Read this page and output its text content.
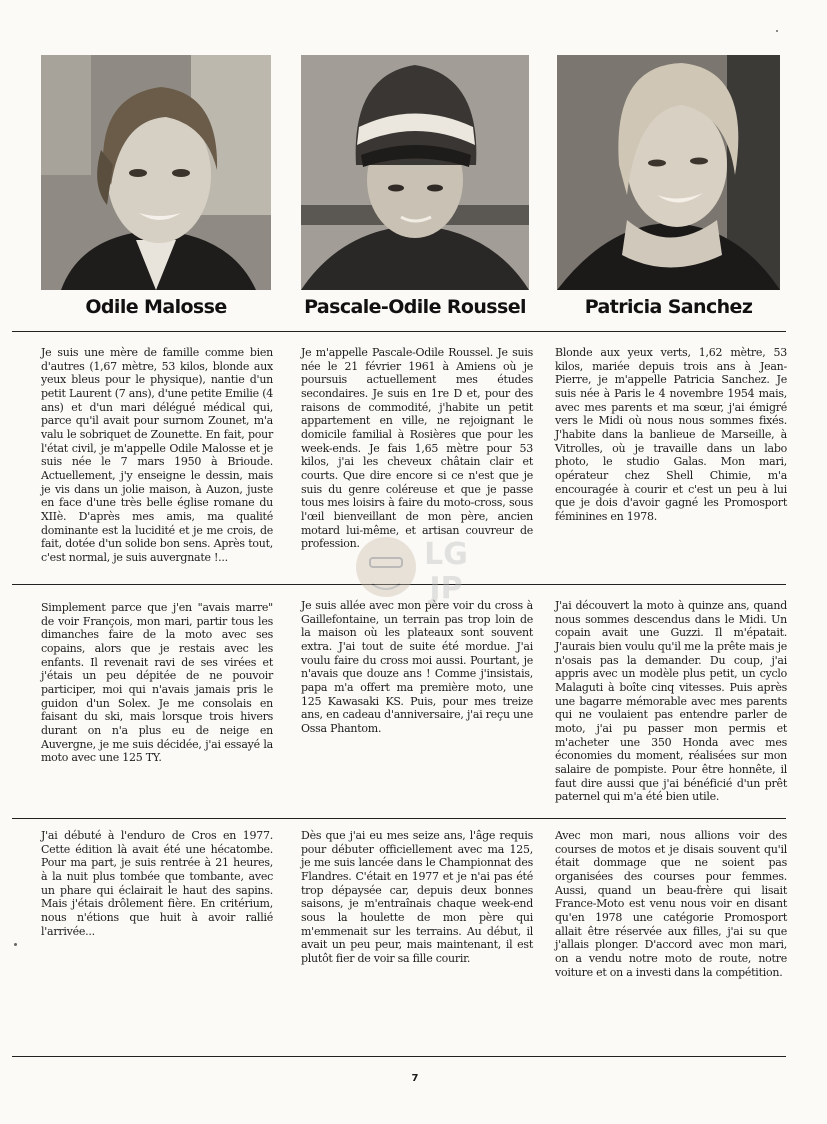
Odile Malosse	Pascale-Odile Roussel	Patricia Sanchez
Je suis une mère de famille comme bien d'autres (1,67 mètre, 53 kilos, blonde aux yeux bleus pour le physique), nantie d'un petit Laurent (7 ans), d'une petite Emilie (4 ans) et d'un mari délégué médical qui, parce qu'il avait pour surnom Zounet, m'a valu le sobriquet de Zounette. En fait, pour l'état civil, je m'appelle Odile Malosse et je suis née le 7 mars 1950 à Brioude. Actuellement, j'y enseigne le dessin, mais je vis dans un jolie maison, à Auzon, juste en face d'une très belle église romane du XIIè. D'après mes amis, ma qualité dominante est la lucidité et je me crois, de fait, dotée d'un solide bon sens. Après tout, c'est normal, je suis auvergnate !...
Je m'appelle Pascale-Odile Roussel. Je suis née le 21 février 1961 à Amiens où je poursuis actuellement mes études secondaires. Je suis en 1re D et, pour des raisons de commodité, j'habite un petit appartement en ville, ne rejoignant le domicile familial à Rosières que pour les week-ends. Je fais 1,65 mètre pour 53 kilos, j'ai les cheveux châtain clair et courts. Que dire encore si ce n'est que je suis du genre coléreuse et que je passe tous mes loisirs à faire du moto-cross, sous l'œil bienveillant de mon père, ancien motard lui-même, et artisan couvreur de profession.
Blonde aux yeux verts, 1,62 mètre, 53 kilos, mariée depuis trois ans à Jean-Pierre, je m'appelle Patricia Sanchez. Je suis née à Paris le 4 novembre 1954 mais, avec mes parents et ma sœur, j'ai émigré vers le Midi où nous nous sommes fixés. J'habite dans la banlieue de Marseille, à Vitrolles, où je travaille dans un labo photo, le studio Galas. Mon mari, opérateur chez Shell Chimie, m'a encouragée à courir et c'est un peu à lui que je dois d'avoir gagné les Promosport féminines en 1978.
Simplement parce que j'en "avais marre" de voir François, mon mari, partir tous les dimanches faire de la moto avec ses copains, alors que je restais avec les enfants. Il revenait ravi de ses virées et j'étais un peu dépitée de ne pouvoir participer, moi qui n'avais jamais pris le guidon d'un Solex. Je me consolais en faisant du ski, mais lorsque trois hivers durant on n'a plus eu de neige en Auvergne, je me suis décidée, j'ai essayé la moto avec une 125 TY.
Je suis allée avec mon père voir du cross à Gaillefontaine, un terrain pas trop loin de la maison où les plateaux sont souvent extra. J'ai tout de suite été mordue. J'ai voulu faire du cross moi aussi. Pourtant, je n'avais que douze ans ! Comme j'insistais, papa m'a offert ma première moto, une 125 Kawasaki KS. Puis, pour mes treize ans, en cadeau d'anniversaire, j'ai reçu une Ossa Phantom.
J'ai découvert la moto à quinze ans, quand nous sommes descendus dans le Midi. Un copain avait une Guzzi. Il m'épatait. J'aurais bien voulu qu'il me la prête mais je n'osais pas la demander. Du coup, j'ai appris avec un modèle plus petit, un cyclo Malaguti à boîte cinq vitesses. Puis après une bagarre mémorable avec mes parents qui ne voulaient pas entendre parler de moto, j'ai pu passer mon permis et m'acheter une 350 Honda avec mes économies du moment, réalisées sur mon salaire de pompiste. Pour être honnête, il faut dire aussi que j'ai bénéficié d'un prêt paternel qui m'a été bien utile.
J'ai débuté à l'enduro de Cros en 1977. Cette édition là avait été une hécatombe. Pour ma part, je suis rentrée à 21 heures, à la nuit plus tombée que tombante, avec un phare qui éclairait le haut des sapins. Mais j'étais drôlement fière. En critérium, nous n'étions que huit à avoir rallié l'arrivée...
Dès que j'ai eu mes seize ans, l'âge requis pour débuter officiellement avec ma 125, je me suis lancée dans le Championnat des Flandres. C'était en 1977 et je n'ai pas été trop dépaysée car, depuis deux bonnes saisons, je m'entraînais chaque week-end sous la houlette de mon père qui m'emmenait sur les terrains. Au début, il avait un peu peur, mais maintenant, il est plutôt fier de voir sa fille courir.
Avec mon mari, nous allions voir des courses de motos et je disais souvent qu'il était dommage que ne soient pas organisées des courses pour femmes. Aussi, quand un beau-frère qui lisait France-Moto est venu nous voir en disant qu'en 1978 une catégorie Promosport allait être réservée aux filles, j'ai su que j'allais plonger. D'accord avec mon mari, on a vendu notre moto de route, notre voiture et on a investi dans la compétition.
LG
JP
7
